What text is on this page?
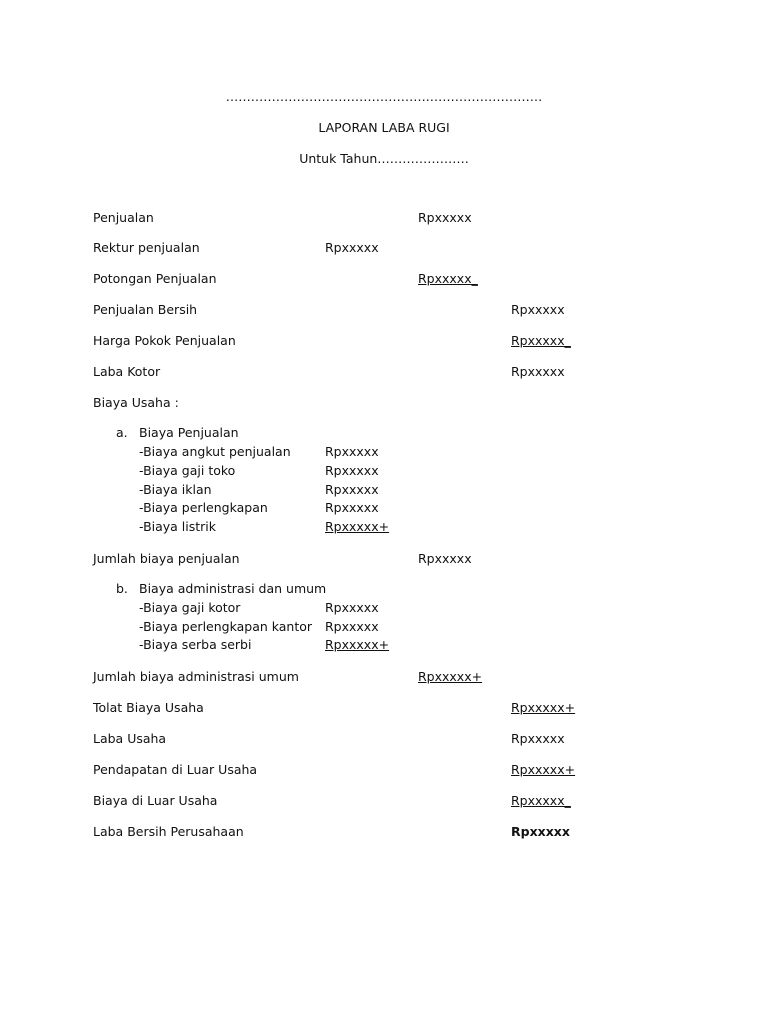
………………………………………….………………………
LAPORAN LABA RUGI
Untuk Tahun………………….
Penjualan	Rpxxxxx
Rektur penjualan	Rpxxxxx
Potongan Penjualan	Rpxxxxx_
Penjualan Bersih	Rpxxxxx
Harga Pokok Penjualan	Rpxxxxx_
Laba Kotor	Rpxxxxx
Biaya Usaha :
a. Biaya Penjualan
-Biaya angkut penjualan	Rpxxxxx
-Biaya gaji toko	Rpxxxxx
-Biaya iklan	Rpxxxxx
-Biaya perlengkapan	Rpxxxxx
-Biaya listrik	Rpxxxxx+
Jumlah biaya penjualan	Rpxxxxx
b. Biaya administrasi dan umum
-Biaya gaji kotor	Rpxxxxx
-Biaya perlengkapan kantor Rpxxxxx
-Biaya serba serbi	Rpxxxxx+
Jumlah biaya administrasi umum	Rpxxxxx+
Tolat Biaya Usaha	Rpxxxxx+
Laba Usaha	Rpxxxxx
Pendapatan di Luar Usaha	Rpxxxxx+
Biaya di Luar Usaha	Rpxxxxx_
Laba Bersih Perusahaan	Rpxxxxx
